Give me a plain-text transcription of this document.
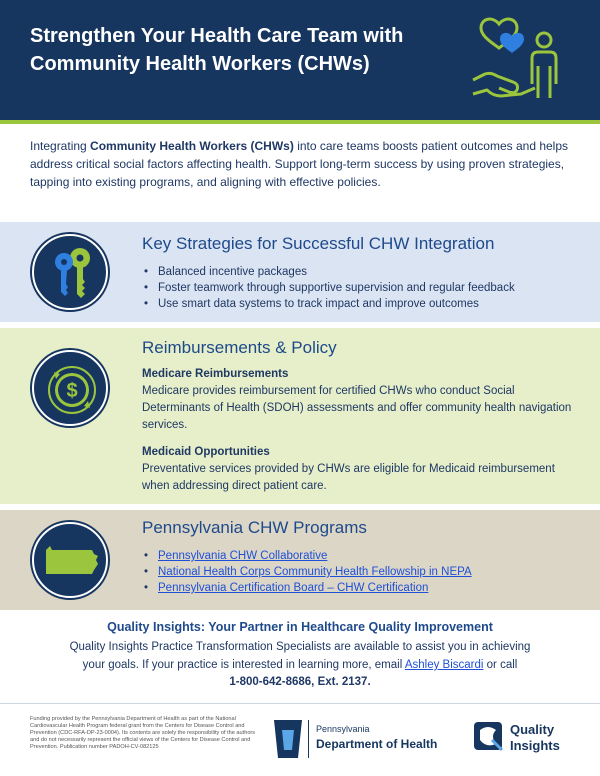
Strengthen Your Health Care Team with Community Health Workers (CHWs)

Integrating Community Health Workers (CHWs) into care teams boosts patient outcomes and helps address critical social factors affecting health. Support long-term success by using proven strategies, tapping into existing programs, and aligning with effective policies.

Key Strategies for Successful CHW Integration
• Balanced incentive packages
• Foster teamwork through supportive supervision and regular feedback
• Use smart data systems to track impact and improve outcomes
$
Reimbursements & Policy
Medicare Reimbursements
Medicare provides reimbursement for certified CHWs who conduct Social Determinants of Health (SDOH) assessments and offer community health navigation services.
Medicaid Opportunities
Preventative services provided by CHWs are eligible for Medicaid reimbursement when addressing direct patient care.
Pennsylvania CHW Programs
• Pennsylvania CHW Collaborative
• National Health Corps Community Health Fellowship in NEPA
• Pennsylvania Certification Board – CHW Certification
Quality Insights: Your Partner in Healthcare Quality Improvement
Quality Insights Practice Transformation Specialists are available to assist you in achieving your goals. If your practice is interested in learning more, email Ashley Biscardi or call
1-800-642-8686, Ext. 2137.
Funding provided by the Pennsylvania Department of Health as part of the National Cardiovascular Health Program federal grant from the Centers for Disease Control and Prevention (CDC-RFA-DP-23-0004). Its contents are solely the responsibility of the authors and do not necessarily represent the official views of the Centers for Disease Control and Prevention. Publication number PADOH-CV-082125
Pennsylvania
Department of Health
Quality
Insights
